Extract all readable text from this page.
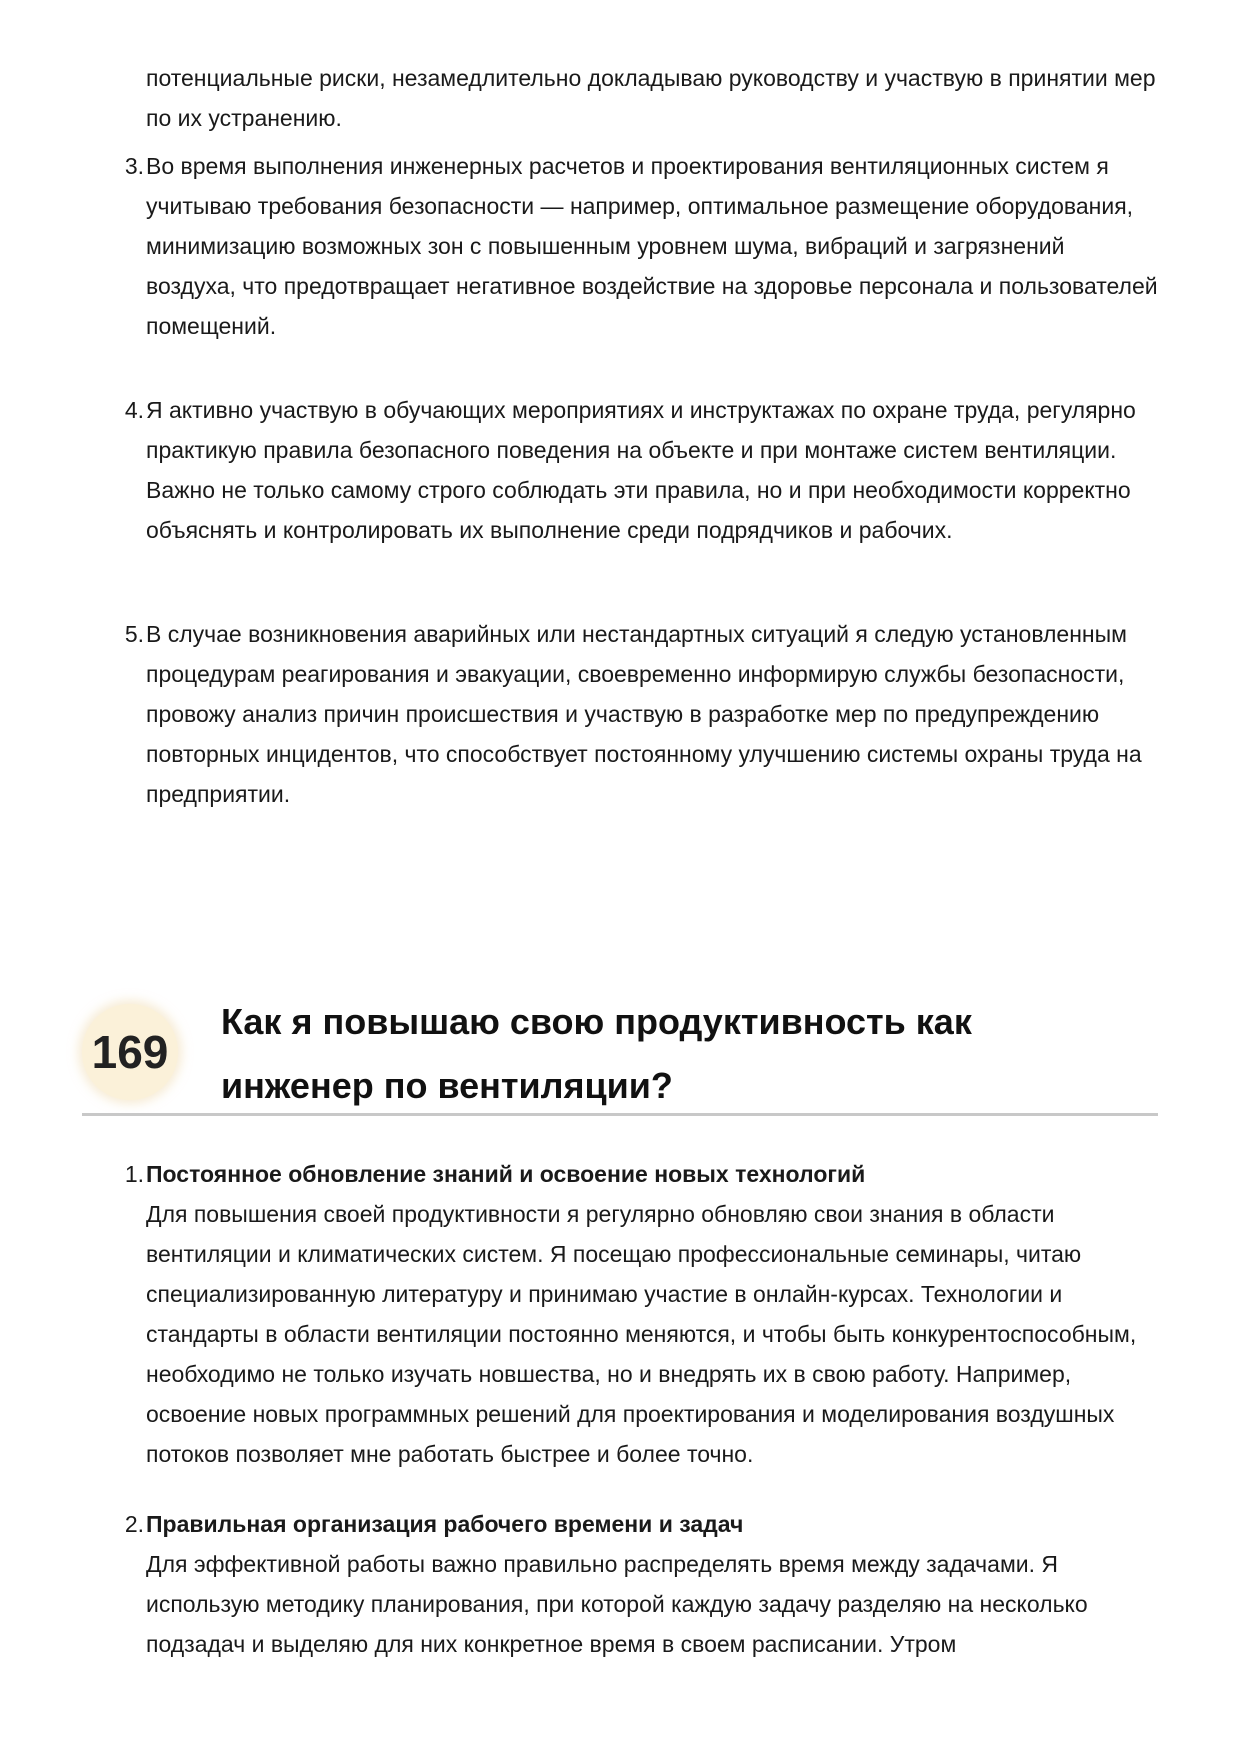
потенциальные риски, незамедлительно докладываю руководству и участвую в принятии мер по их устранению.

3. Во время выполнения инженерных расчетов и проектирования вентиляционных систем я учитываю требования безопасности — например, оптимальное размещение оборудования, минимизацию возможных зон с повышенным уровнем шума, вибраций и загрязнений воздуха, что предотвращает негативное воздействие на здоровье персонала и пользователей помещений.

4. Я активно участвую в обучающих мероприятиях и инструктажах по охране труда, регулярно практикую правила безопасного поведения на объекте и при монтаже систем вентиляции. Важно не только самому строго соблюдать эти правила, но и при необходимости корректно объяснять и контролировать их выполнение среди подрядчиков и рабочих.

5. В случае возникновения аварийных или нестандартных ситуаций я следую установленным процедурам реагирования и эвакуации, своевременно информирую службы безопасности, провожу анализ причин происшествия и участвую в разработке мер по предупреждению повторных инцидентов, что способствует постоянному улучшению системы охраны труда на предприятии.

169
Как я повышаю свою продуктивность как
инженер по вентиляции?
1. Постоянное обновление знаний и освоение новых технологий

Для повышения своей продуктивности я регулярно обновляю свои знания в области вентиляции и климатических систем. Я посещаю профессиональные семинары, читаю специализированную литературу и принимаю участие в онлайн-курсах. Технологии и стандарты в области вентиляции постоянно меняются, и чтобы быть конкурентоспособным, необходимо не только изучать новшества, но и внедрять их в свою работу. Например, освоение новых программных решений для проектирования и моделирования воздушных потоков позволяет мне работать быстрее и более точно.

2. Правильная организация рабочего времени и задач

Для эффективной работы важно правильно распределять время между задачами. Я использую методику планирования, при которой каждую задачу разделяю на несколько подзадач и выделяю для них конкретное время в своем расписании. Утром
